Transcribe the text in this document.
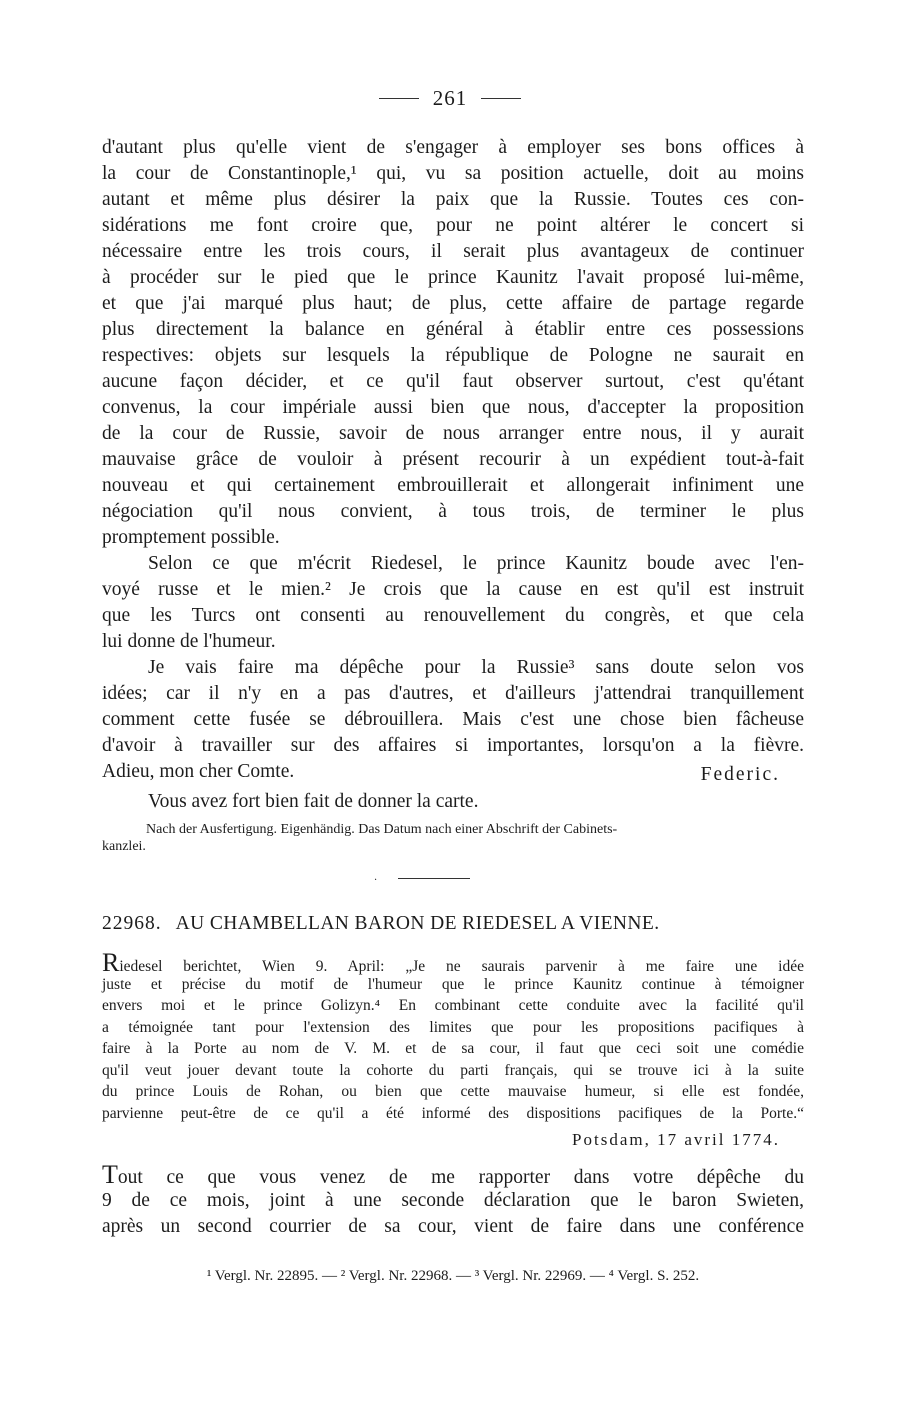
261
d'autant plus qu'elle vient de s'engager à employer ses bons offices à
la cour de Constantinople,¹ qui, vu sa position actuelle, doit au moins
autant et même plus désirer la paix que la Russie. Toutes ces con-
sidérations me font croire que, pour ne point altérer le concert si
nécessaire entre les trois cours, il serait plus avantageux de continuer
à procéder sur le pied que le prince Kaunitz l'avait proposé lui-même,
et que j'ai marqué plus haut; de plus, cette affaire de partage regarde
plus directement la balance en général à établir entre ces possessions
respectives: objets sur lesquels la république de Pologne ne saurait en
aucune façon décider, et ce qu'il faut observer surtout, c'est qu'étant
convenus, la cour impériale aussi bien que nous, d'accepter la proposition
de la cour de Russie, savoir de nous arranger entre nous, il y aurait
mauvaise grâce de vouloir à présent recourir à un expédient tout-à-fait
nouveau et qui certainement embrouillerait et allongerait infiniment une
négociation qu'il nous convient, à tous trois, de terminer le plus
promptement possible.
Selon ce que m'écrit Riedesel, le prince Kaunitz boude avec l'en-
voyé russe et le mien.² Je crois que la cause en est qu'il est instruit
que les Turcs ont consenti au renouvellement du congrès, et que cela
lui donne de l'humeur.
Je vais faire ma dépêche pour la Russie³ sans doute selon vos
idées; car il n'y en a pas d'autres, et d'ailleurs j'attendrai tranquillement
comment cette fusée se débrouillera. Mais c'est une chose bien fâcheuse
d'avoir à travailler sur des affaires si importantes, lorsqu'on a la fièvre.
Adieu, mon cher Comte.	Federic.
Vous avez fort bien fait de donner la carte.
Nach der Ausfertigung. Eigenhändig. Das Datum nach einer Abschrift der Cabinets-
kanzlei.
.
22968. AU CHAMBELLAN BARON DE RIEDESEL A VIENNE.
Riedesel berichtet, Wien 9. April: „Je ne saurais parvenir à me faire une idée
juste et précise du motif de l'humeur que le prince Kaunitz continue à témoigner
envers moi et le prince Golizyn.⁴ En combinant cette conduite avec la facilité qu'il
a témoignée tant pour l'extension des limites que pour les propositions pacifiques à
faire à la Porte au nom de V. M. et de sa cour, il faut que ceci soit une comédie
qu'il veut jouer devant toute la cohorte du parti français, qui se trouve ici à la suite
du prince Louis de Rohan, ou bien que cette mauvaise humeur, si elle est fondée,
parvienne peut-être de ce qu'il a été informé des dispositions pacifiques de la Porte.“
Potsdam, 17 avril 1774.
Tout ce que vous venez de me rapporter dans votre dépêche du
9 de ce mois, joint à une seconde déclaration que le baron Swieten,
après un second courrier de sa cour, vient de faire dans une conférence
¹ Vergl. Nr. 22895. — ² Vergl. Nr. 22968. — ³ Vergl. Nr. 22969. — ⁴ Vergl. S. 252.
